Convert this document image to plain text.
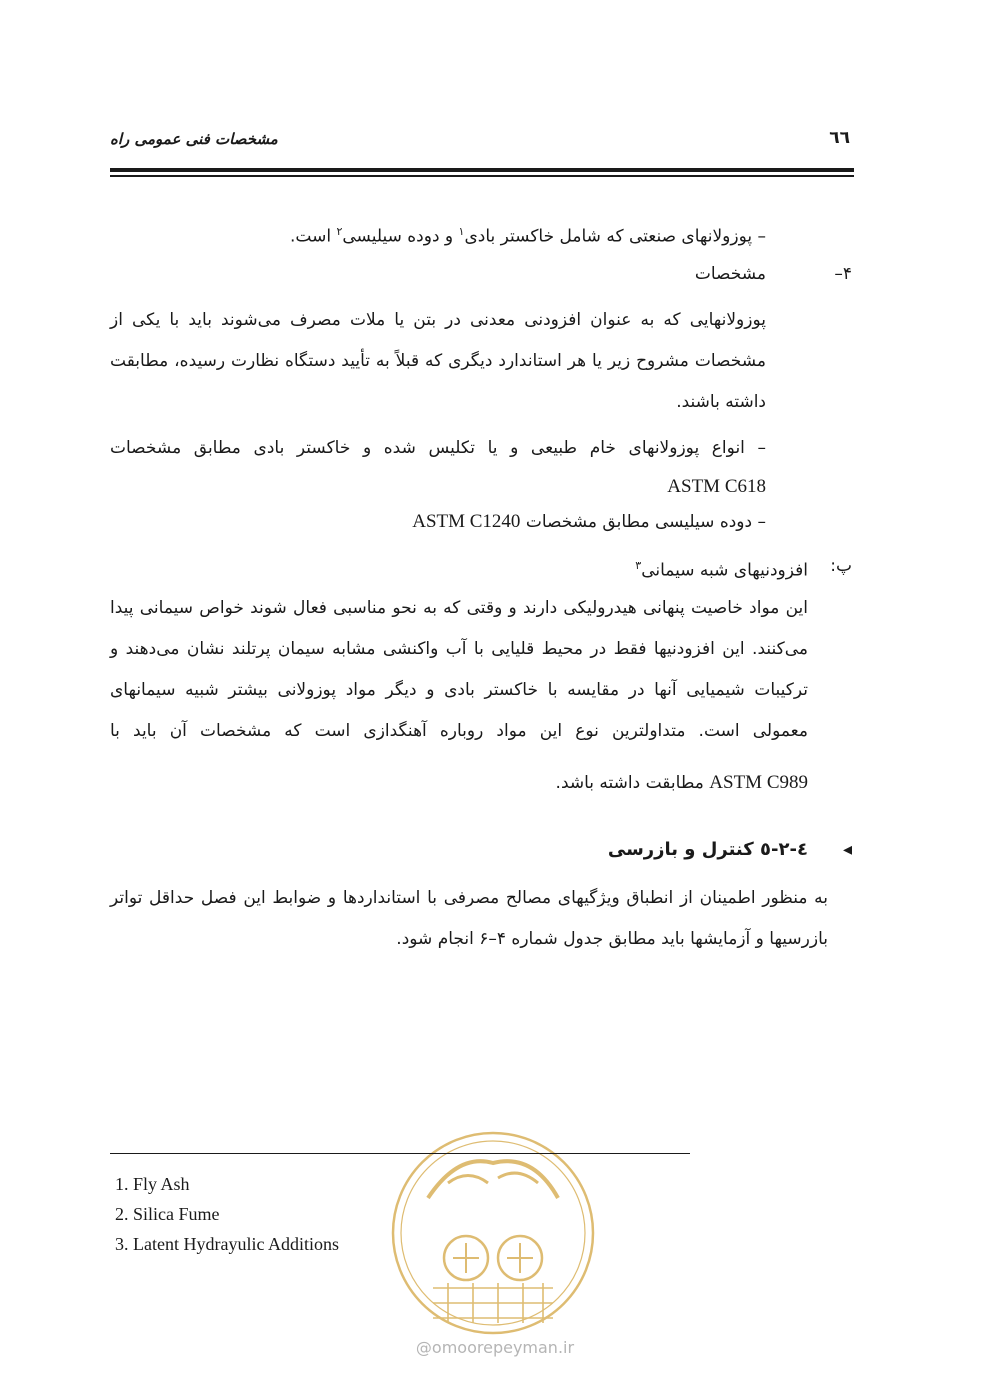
مشخصات فنی عمومی راه	٦٦
– پوزولانهای صنعتی که شامل خاکستر بادی$^۱$ و دوده سیلیسی$^۲$ است.
۴–
مشخصات
پوزولانهایی که به عنوان افزودنی معدنی در بتن یا ملات مصرف می‌شوند باید با یکی از مشخصات مشروح زیر یا هر استاندارد دیگری که قبلاً به تأیید دستگاه نظارت رسیده، مطابقت داشته باشند.
– انواع پوزولانهای خام طبیعی و یا تکلیس شده و خاکستر بادی مطابق مشخصات
ASTM C618
– دوده سیلیسی مطابق مشخصات ASTM C1240
پ:
افزودنیهای شبه سیمانی$^۳$
این مواد خاصیت پنهانی هیدرولیکی دارند و وقتی که به نحو مناسبی فعال شوند خواص سیمانی پیدا می‌کنند. این افزودنیها فقط در محیط قلیایی با آب واکنشی مشابه سیمان پرتلند نشان می‌دهند و ترکیبات شیمیایی آنها در مقایسه با خاکستر بادی و دیگر مواد پوزولانی بیشتر شبیه سیمانهای معمولی است. متداولترین نوع این مواد روباره آهنگدازی است که مشخصات آن باید با
ASTM C989 مطابقت داشته باشد.
◂
٤-٢-٥ کنترل و بازرسی
به منظور اطمینان از انطباق ویژگیهای مصالح مصرفی با استانداردها و ضوابط این فصل حداقل تواتر بازرسیها و آزمایشها باید مطابق جدول شماره ۴–۶ انجام شود.
@omoorepeyman.ir
1. Fly Ash
2. Silica Fume
3. Latent Hydrayulic Additions
